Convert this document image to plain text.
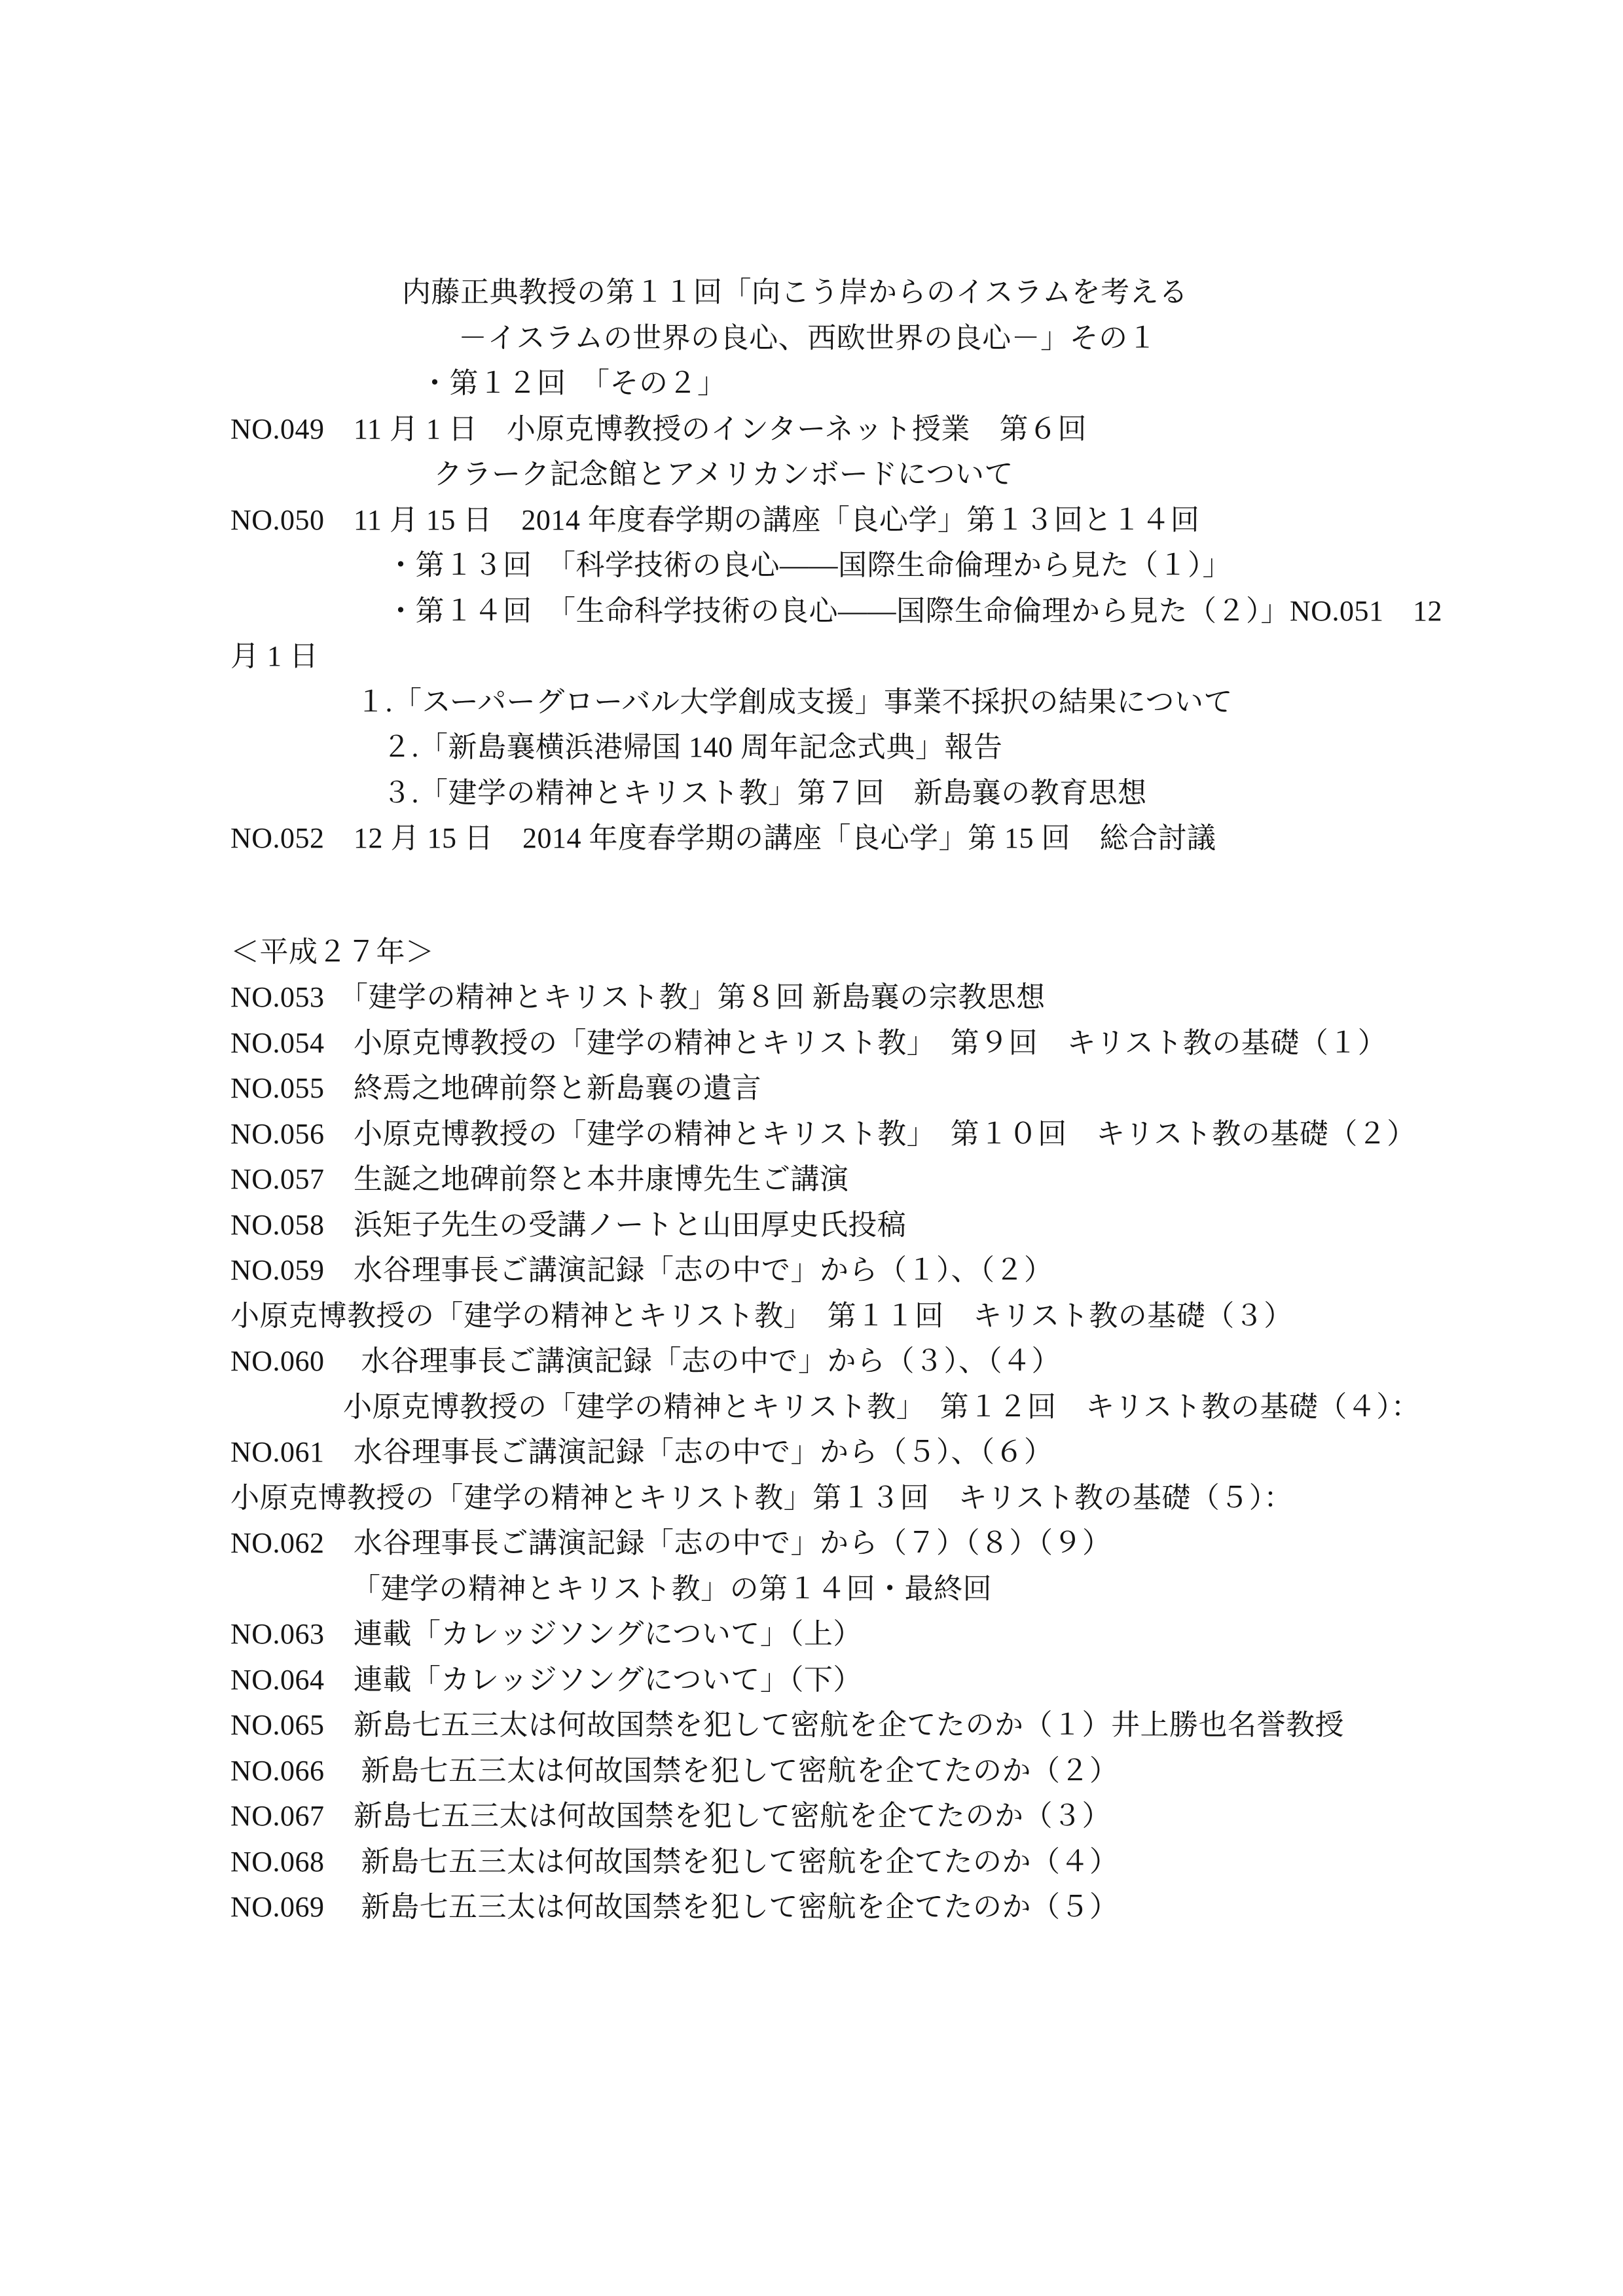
内藤正典教授の第１１回「向こう岸からのイスラムを考える
－イスラムの世界の良心、西欧世界の良心－」その１
・第１２回　「その２」
NO.049　11 月 1 日　小原克博教授のインターネット授業　第６回
クラーク記念館とアメリカンボードについて
NO.050　11 月 15 日　2014 年度春学期の講座「良心学」第１３回と１４回
・第１３回　「科学技術の良心——国際生命倫理から見た（１）」
・第１４回　「生命科学技術の良心——国際生命倫理から見た（２）」NO.051　12
月 1 日
１.「スーパーグローバル大学創成支援」事業不採択の結果について
２.「新島襄横浜港帰国 140 周年記念式典」報告
３.「建学の精神とキリスト教」第７回　新島襄の教育思想
NO.052　12 月 15 日　2014 年度春学期の講座「良心学」第 15 回　総合討議
＜平成２７年＞
NO.053　「建学の精神とキリスト教」第８回 新島襄の宗教思想
NO.054　小原克博教授の「建学の精神とキリスト教」　第９回　キリスト教の基礎（１）
NO.055　終焉之地碑前祭と新島襄の遺言
NO.056　小原克博教授の「建学の精神とキリスト教」　第１０回　キリスト教の基礎（２）
NO.057　生誕之地碑前祭と本井康博先生ご講演
NO.058　浜矩子先生の受講ノートと山田厚史氏投稿
NO.059　水谷理事長ご講演記録「志の中で」から（１）、（２）
小原克博教授の「建学の精神とキリスト教」　第１１回　キリスト教の基礎（３）
NO.060　 水谷理事長ご講演記録「志の中で」から（３）、（４）
小原克博教授の「建学の精神とキリスト教」　第１２回　キリスト教の基礎（４）：
NO.061　水谷理事長ご講演記録「志の中で」から（５）、（６）
小原克博教授の「建学の精神とキリスト教」第１３回　キリスト教の基礎（５）：
NO.062　水谷理事長ご講演記録「志の中で」から（７）（８）（９）
「建学の精神とキリスト教」の第１４回・最終回
NO.063　連載「カレッジソングについて」（上）
NO.064　連載「カレッジソングについて」（下）
NO.065　新島七五三太は何故国禁を犯して密航を企てたのか（１）井上勝也名誉教授
NO.066　 新島七五三太は何故国禁を犯して密航を企てたのか（２）
NO.067　新島七五三太は何故国禁を犯して密航を企てたのか（３）
NO.068　 新島七五三太は何故国禁を犯して密航を企てたのか（４）
NO.069　 新島七五三太は何故国禁を犯して密航を企てたのか（５）
